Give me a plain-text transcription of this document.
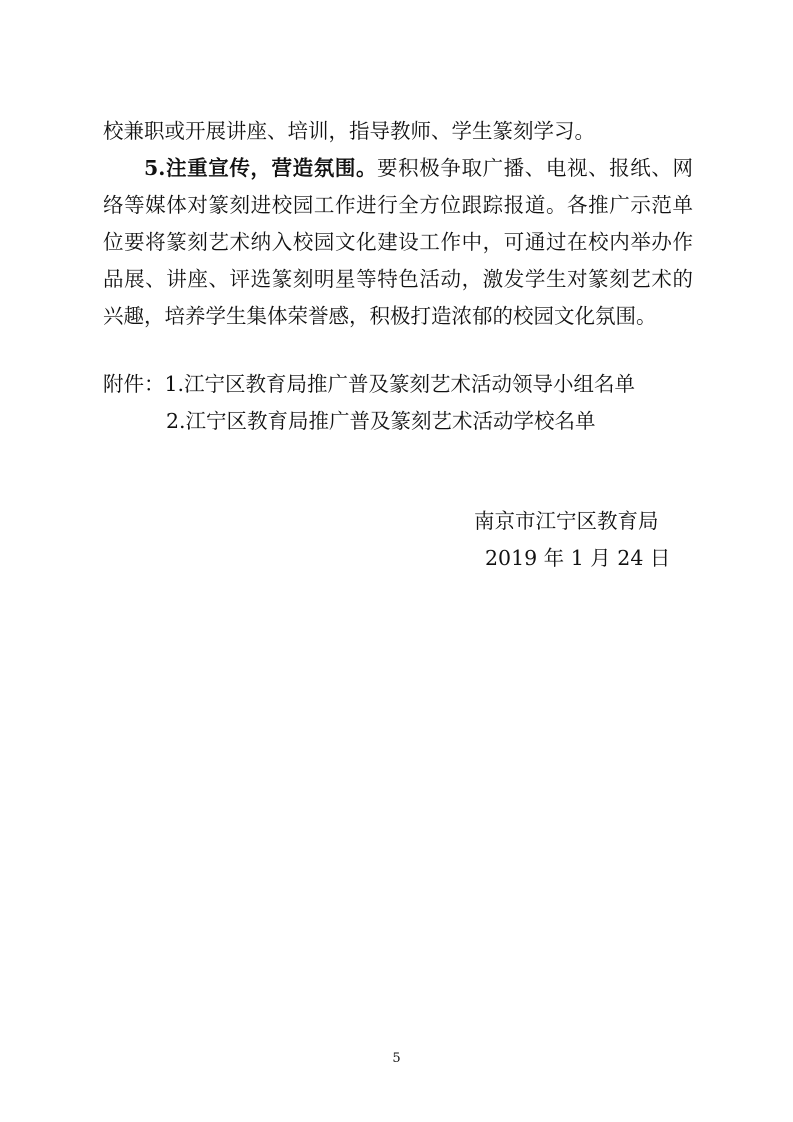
校兼职或开展讲座、培训，指导教师、学生篆刻学习。
5.注重宣传，营造氛围。要积极争取广播、电视、报纸、网
络等媒体对篆刻进校园工作进行全方位跟踪报道。各推广示范单
位要将篆刻艺术纳入校园文化建设工作中，可通过在校内举办作
品展、讲座、评选篆刻明星等特色活动，激发学生对篆刻艺术的
兴趣，培养学生集体荣誉感，积极打造浓郁的校园文化氛围。
附件：1.江宁区教育局推广普及篆刻艺术活动领导小组名单
2.江宁区教育局推广普及篆刻艺术活动学校名单
南京市江宁区教育局
2019 年 1 月 24 日
5
